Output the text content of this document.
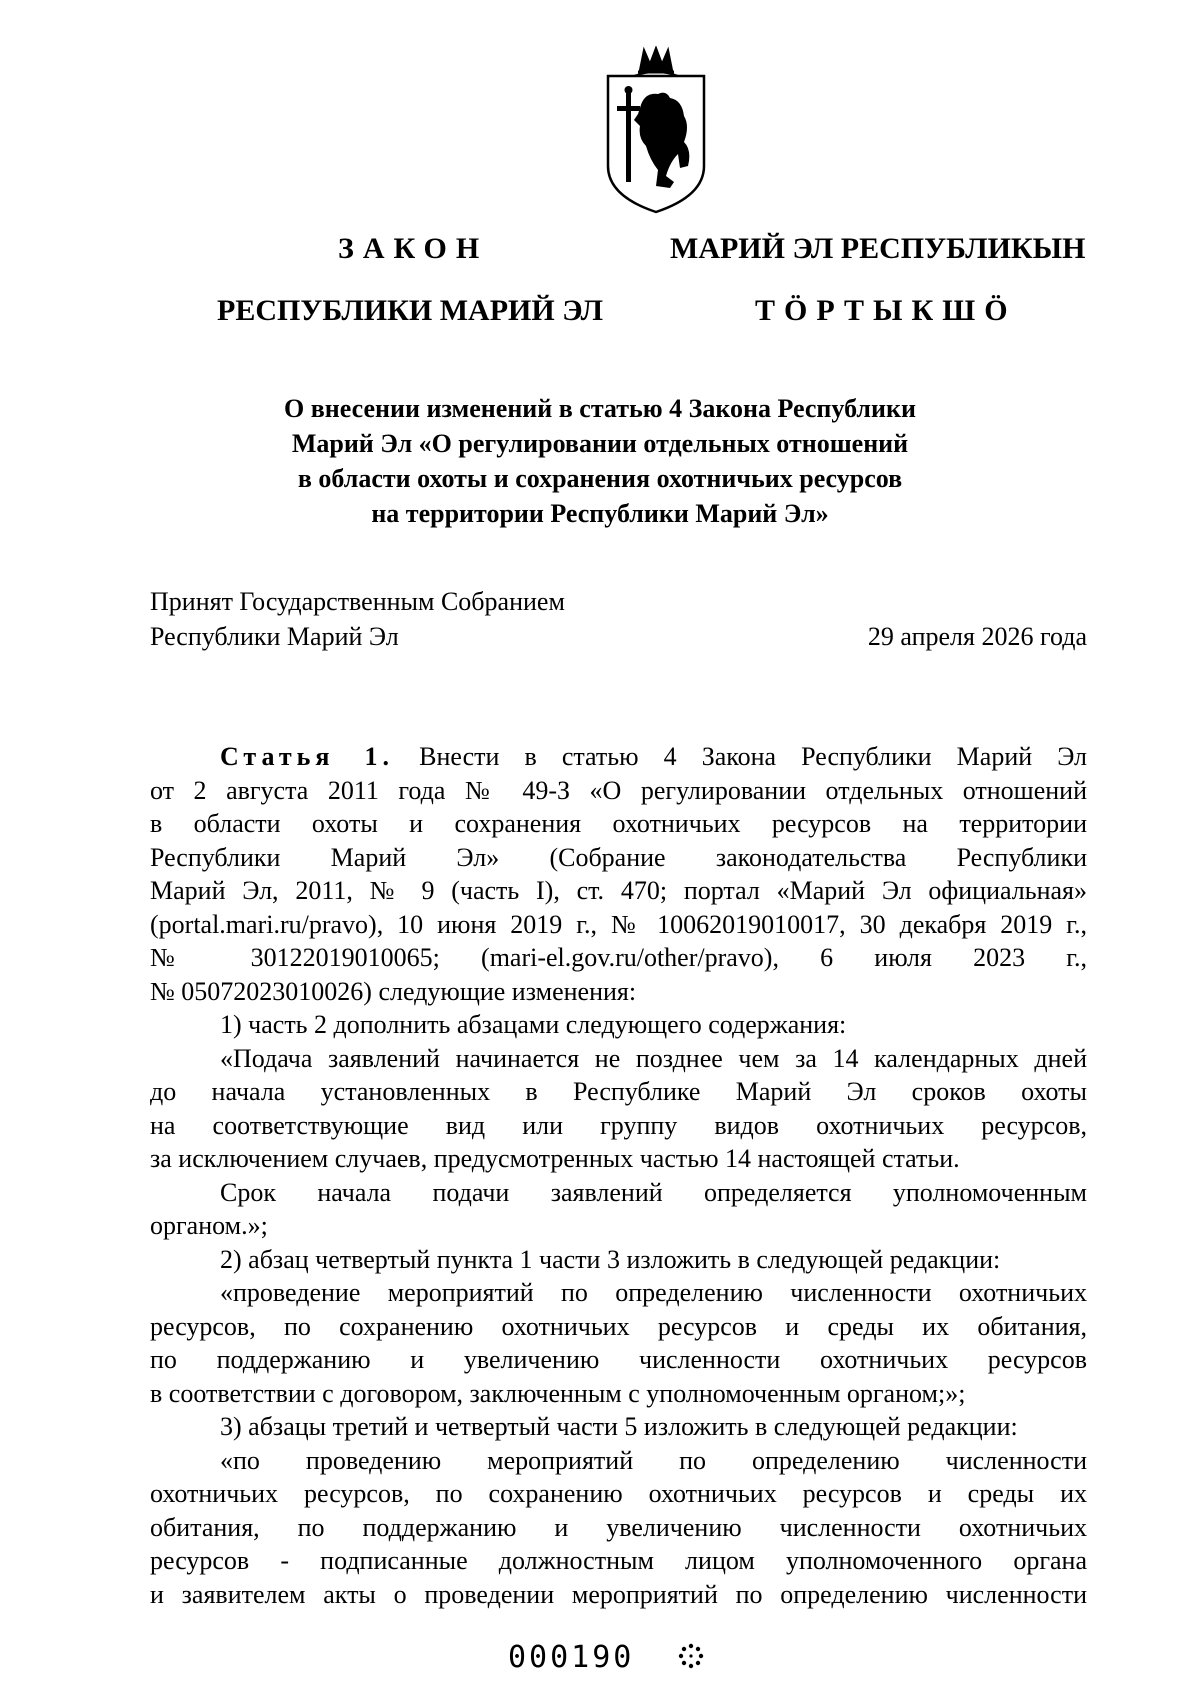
ЗАКОН
РЕСПУБЛИКИ МАРИЙ ЭЛ
МАРИЙ ЭЛ РЕСПУБЛИКЫН
ТӦРТЫКШӦ
О внесении изменений в статью 4 Закона Республики
Марий Эл «О регулировании отдельных отношений
в области охоты и сохранения охотничьих ресурсов
на территории Республики Марий Эл»
Принят Государственным Собранием
Республики Марий Эл	29 апреля 2026 года
Статья 1. Внести в статью 4 Закона Республики Марий Эл
от 2 августа 2011 года № 49-З «О регулировании отдельных отношений
в области охоты и сохранения охотничьих ресурсов на территории
Республики Марий Эл» (Собрание законодательства Республики
Марий Эл, 2011, № 9 (часть I), ст. 470; портал «Марий Эл официальная»
(portal.mari.ru/pravo), 10 июня 2019 г., № 10062019010017, 30 декабря 2019 г.,
№ 30122019010065; (mari-el.gov.ru/other/pravo), 6 июля 2023 г.,
№ 05072023010026) следующие изменения:
1) часть 2 дополнить абзацами следующего содержания:
«Подача заявлений начинается не позднее чем за 14 календарных дней
до начала установленных в Республике Марий Эл сроков охоты
на соответствующие вид или группу видов охотничьих ресурсов,
за исключением случаев, предусмотренных частью 14 настоящей статьи.
Срок начала подачи заявлений определяется уполномоченным
органом.»;
2) абзац четвертый пункта 1 части 3 изложить в следующей редакции:
«проведение мероприятий по определению численности охотничьих
ресурсов, по сохранению охотничьих ресурсов и среды их обитания,
по поддержанию и увеличению численности охотничьих ресурсов
в соответствии с договором, заключенным с уполномоченным органом;»;
3) абзацы третий и четвертый части 5 изложить в следующей редакции:
«по проведению мероприятий по определению численности
охотничьих ресурсов, по сохранению охотничьих ресурсов и среды их
обитания, по поддержанию и увеличению численности охотничьих
ресурсов - подписанные должностным лицом уполномоченного органа
и заявителем акты о проведении мероприятий по определению численности
000190
